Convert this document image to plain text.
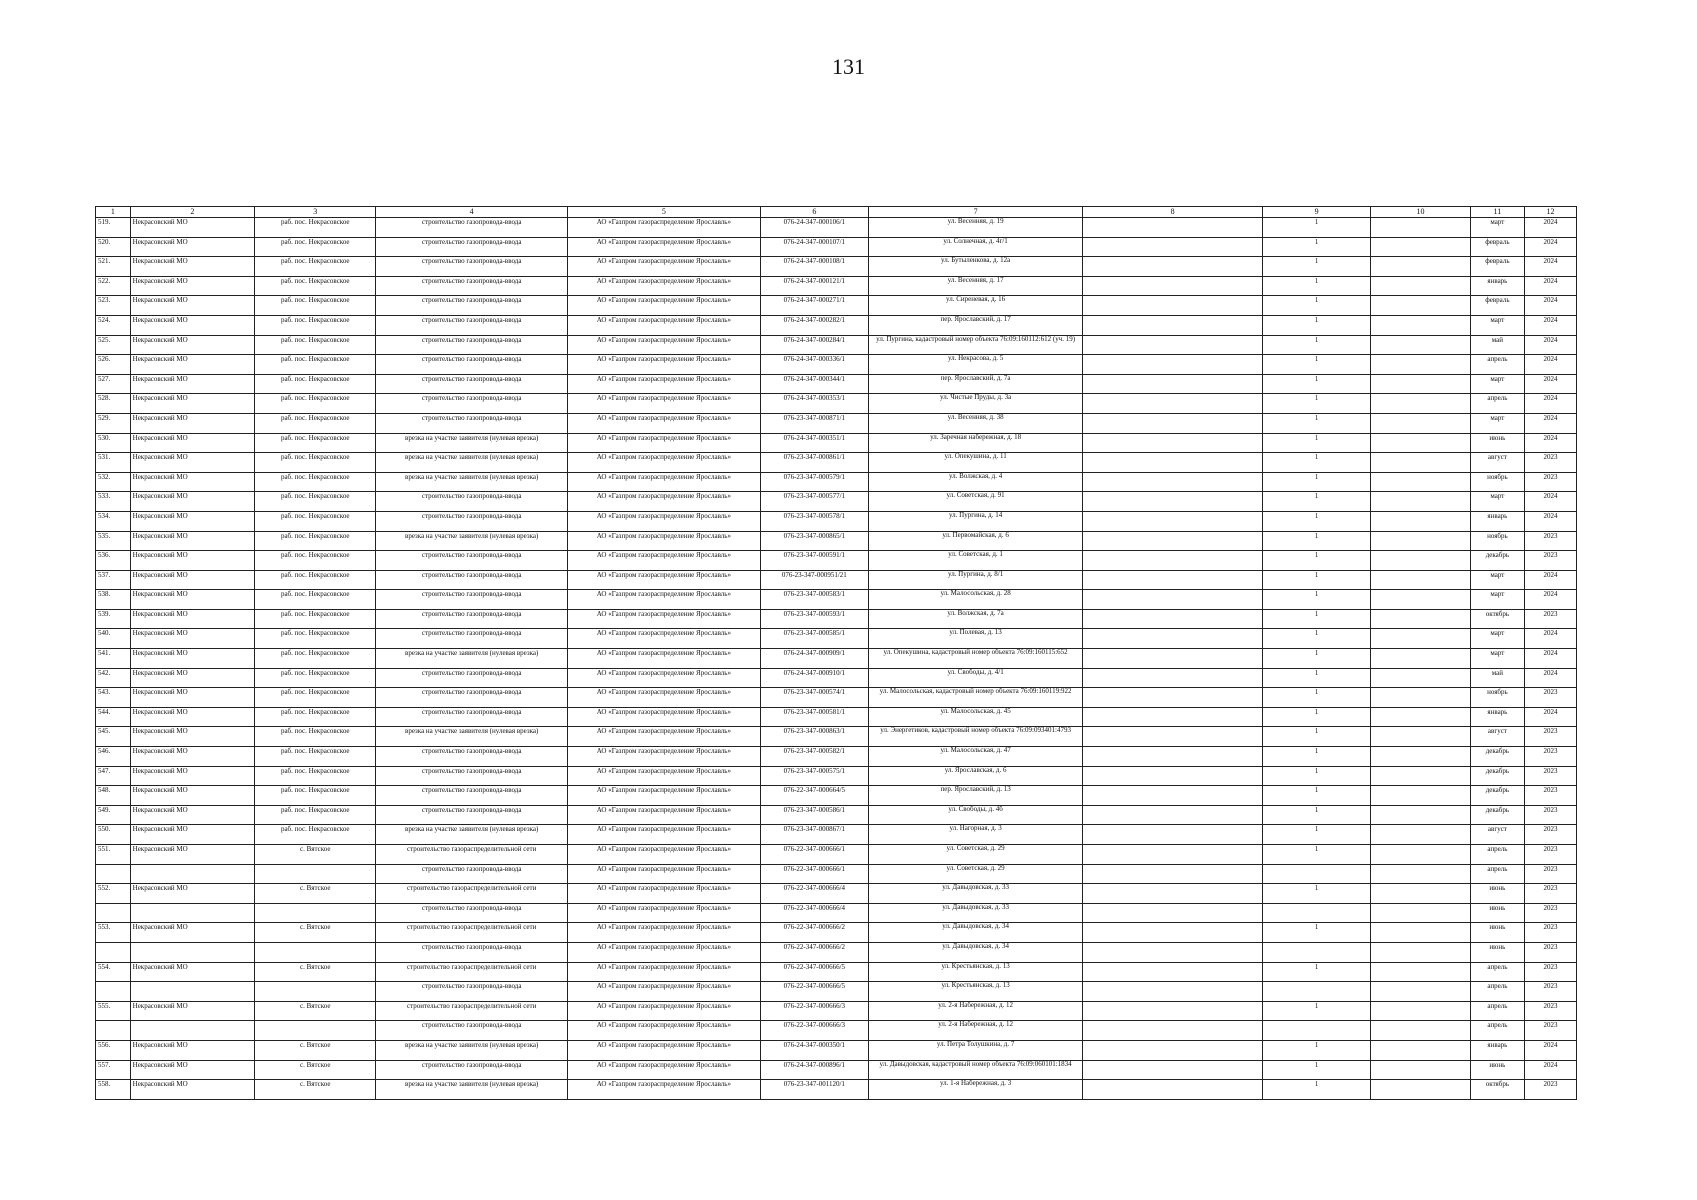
131
1	2	3	4	5	6	7	8	9	10	11	12
519.	Некрасовский МО	раб. пос. Некрасовское	строительство газопровода-ввода	АО «Газпром газораспределение Ярославль»	076-24-347-000106/1	ул. Весенняя, д. 19		1		март	2024
520.	Некрасовский МО	раб. пос. Некрасовское	строительство газопровода-ввода	АО «Газпром газораспределение Ярославль»	076-24-347-000107/1	ул. Солнечная, д. 4г/1		1		февраль	2024
521.	Некрасовский МО	раб. пос. Некрасовское	строительство газопровода-ввода	АО «Газпром газораспределение Ярославль»	076-24-347-000108/1	ул. Бутыленкова, д. 12а		1		февраль	2024
522.	Некрасовский МО	раб. пос. Некрасовское	строительство газопровода-ввода	АО «Газпром газораспределение Ярославль»	076-24-347-000121/1	ул. Весенняя, д. 17		1		январь	2024
523.	Некрасовский МО	раб. пос. Некрасовское	строительство газопровода-ввода	АО «Газпром газораспределение Ярославль»	076-24-347-000271/1	ул. Сиреневая, д. 16		1		февраль	2024
524.	Некрасовский МО	раб. пос. Некрасовское	строительство газопровода-ввода	АО «Газпром газораспределение Ярославль»	076-24-347-000282/1	пер. Ярославский, д. 17		1		март	2024
525.	Некрасовский МО	раб. пос. Некрасовское	строительство газопровода-ввода	АО «Газпром газораспределение Ярославль»	076-24-347-000284/1	ул. Пургина, кадастровый номер объекта 76:09:160112:612 (уч. 19)		1		май	2024
526.	Некрасовский МО	раб. пос. Некрасовское	строительство газопровода-ввода	АО «Газпром газораспределение Ярославль»	076-24-347-000336/1	ул. Некрасова, д. 5		1		апрель	2024
527.	Некрасовский МО	раб. пос. Некрасовское	строительство газопровода-ввода	АО «Газпром газораспределение Ярославль»	076-24-347-000344/1	пер. Ярославский, д. 7а		1		март	2024
528.	Некрасовский МО	раб. пос. Некрасовское	строительство газопровода-ввода	АО «Газпром газораспределение Ярославль»	076-24-347-000353/1	ул. Чистые Пруды, д. 3а		1		апрель	2024
529.	Некрасовский МО	раб. пос. Некрасовское	строительство газопровода-ввода	АО «Газпром газораспределение Ярославль»	076-23-347-000871/1	ул. Весенняя, д. 38		1		март	2024
530.	Некрасовский МО	раб. пос. Некрасовское	врезка на участке заявителя (нулевая врезка)	АО «Газпром газораспределение Ярославль»	076-24-347-000351/1	ул. Заречная набережная, д. 18		1		июнь	2024
531.	Некрасовский МО	раб. пос. Некрасовское	врезка на участке заявителя (нулевая врезка)	АО «Газпром газораспределение Ярославль»	076-23-347-000861/1	ул. Опекушина, д. 11		1		август	2023
532.	Некрасовский МО	раб. пос. Некрасовское	врезка на участке заявителя (нулевая врезка)	АО «Газпром газораспределение Ярославль»	076-23-347-000579/1	ул. Волжская, д. 4		1		ноябрь	2023
533.	Некрасовский МО	раб. пос. Некрасовское	строительство газопровода-ввода	АО «Газпром газораспределение Ярославль»	076-23-347-000577/1	ул. Советская, д. 91		1		март	2024
534.	Некрасовский МО	раб. пос. Некрасовское	строительство газопровода-ввода	АО «Газпром газораспределение Ярославль»	076-23-347-000578/1	ул. Пургина, д. 14		1		январь	2024
535.	Некрасовский МО	раб. пос. Некрасовское	врезка на участке заявителя (нулевая врезка)	АО «Газпром газораспределение Ярославль»	076-23-347-000865/1	ул. Первомайская, д. 6		1		ноябрь	2023
536.	Некрасовский МО	раб. пос. Некрасовское	строительство газопровода-ввода	АО «Газпром газораспределение Ярославль»	076-23-347-000591/1	ул. Советская, д. 1		1		декабрь	2023
537.	Некрасовский МО	раб. пос. Некрасовское	строительство газопровода-ввода	АО «Газпром газораспределение Ярославль»	076-23-347-000951/21	ул. Пургина, д. 8/1		1		март	2024
538.	Некрасовский МО	раб. пос. Некрасовское	строительство газопровода-ввода	АО «Газпром газораспределение Ярославль»	076-23-347-000583/1	ул. Малосольская, д. 28		1		март	2024
539.	Некрасовский МО	раб. пос. Некрасовское	строительство газопровода-ввода	АО «Газпром газораспределение Ярославль»	076-23-347-000593/1	ул. Волжская, д. 7а		1		октябрь	2023
540.	Некрасовский МО	раб. пос. Некрасовское	строительство газопровода-ввода	АО «Газпром газораспределение Ярославль»	076-23-347-000585/1	ул. Полевая, д. 13		1		март	2024
541.	Некрасовский МО	раб. пос. Некрасовское	врезка на участке заявителя (нулевая врезка)	АО «Газпром газораспределение Ярославль»	076-24-347-000909/1	ул. Опекушина, кадастровый номер объекта 76:09:160115:652		1		март	2024
542.	Некрасовский МО	раб. пос. Некрасовское	строительство газопровода-ввода	АО «Газпром газораспределение Ярославль»	076-24-347-000910/1	ул. Свободы, д. 4/1		1		май	2024
543.	Некрасовский МО	раб. пос. Некрасовское	строительство газопровода-ввода	АО «Газпром газораспределение Ярославль»	076-23-347-000574/1	ул. Малосольская, кадастровый номер объекта 76:09:160119:922		1		ноябрь	2023
544.	Некрасовский МО	раб. пос. Некрасовское	строительство газопровода-ввода	АО «Газпром газораспределение Ярославль»	076-23-347-000581/1	ул. Малосольская, д. 45		1		январь	2024
545.	Некрасовский МО	раб. пос. Некрасовское	врезка на участке заявителя (нулевая врезка)	АО «Газпром газораспределение Ярославль»	076-23-347-000863/1	ул. Энергетиков, кадастровый номер объекта 76:09:093401:4793		1		август	2023
546.	Некрасовский МО	раб. пос. Некрасовское	строительство газопровода-ввода	АО «Газпром газораспределение Ярославль»	076-23-347-000582/1	ул. Малосольская, д. 47		1		декабрь	2023
547.	Некрасовский МО	раб. пос. Некрасовское	строительство газопровода-ввода	АО «Газпром газораспределение Ярославль»	076-23-347-000575/1	ул. Ярославская, д. 6		1		декабрь	2023
548.	Некрасовский МО	раб. пос. Некрасовское	строительство газопровода-ввода	АО «Газпром газораспределение Ярославль»	076-22-347-000664/5	пер. Ярославский, д. 13		1		декабрь	2023
549.	Некрасовский МО	раб. пос. Некрасовское	строительство газопровода-ввода	АО «Газпром газораспределение Ярославль»	076-23-347-000586/1	ул. Свободы, д. 4б		1		декабрь	2023
550.	Некрасовский МО	раб. пос. Некрасовское	врезка на участке заявителя (нулевая врезка)	АО «Газпром газораспределение Ярославль»	076-23-347-000867/1	ул. Нагорная, д. 3		1		август	2023
551.	Некрасовский МО	с. Вятское	строительство газораспределительной сети	АО «Газпром газораспределение Ярославль»	076-22-347-000666/1	ул. Советская, д. 29		1		апрель	2023
			строительство газопровода-ввода	АО «Газпром газораспределение Ярославль»	076-22-347-000666/1	ул. Советская, д. 29				апрель	2023
552.	Некрасовский МО	с. Вятское	строительство газораспределительной сети	АО «Газпром газораспределение Ярославль»	076-22-347-000666/4	ул. Давыдовская, д. 33		1		июнь	2023
			строительство газопровода-ввода	АО «Газпром газораспределение Ярославль»	076-22-347-000666/4	ул. Давыдовская, д. 33				июнь	2023
553.	Некрасовский МО	с. Вятское	строительство газораспределительной сети	АО «Газпром газораспределение Ярославль»	076-22-347-000666/2	ул. Давыдовская, д. 34		1		июнь	2023
			строительство газопровода-ввода	АО «Газпром газораспределение Ярославль»	076-22-347-000666/2	ул. Давыдовская, д. 34				июнь	2023
554.	Некрасовский МО	с. Вятское	строительство газораспределительной сети	АО «Газпром газораспределение Ярославль»	076-22-347-000666/5	ул. Крестьянская, д. 13		1		апрель	2023
			строительство газопровода-ввода	АО «Газпром газораспределение Ярославль»	076-22-347-000666/5	ул. Крестьянская, д. 13				апрель	2023
555.	Некрасовский МО	с. Вятское	строительство газораспределительной сети	АО «Газпром газораспределение Ярославль»	076-22-347-000666/3	ул. 2-я Набережная, д. 12		1		апрель	2023
			строительство газопровода-ввода	АО «Газпром газораспределение Ярославль»	076-22-347-000666/3	ул. 2-я Набережная, д. 12				апрель	2023
556.	Некрасовский МО	с. Вятское	врезка на участке заявителя (нулевая врезка)	АО «Газпром газораспределение Ярославль»	076-24-347-000350/1	ул. Петра Толушкина, д. 7		1		январь	2024
557.	Некрасовский МО	с. Вятское	строительство газопровода-ввода	АО «Газпром газораспределение Ярославль»	076-24-347-000896/1	ул. Давыдовская, кадастровый номер объекта 76:09:060101:1834		1		июнь	2024
558.	Некрасовский МО	с. Вятское	врезка на участке заявителя (нулевая врезка)	АО «Газпром газораспределение Ярославль»	076-23-347-001120/1	ул. 1-я Набережная, д. 3		1		октябрь	2023
